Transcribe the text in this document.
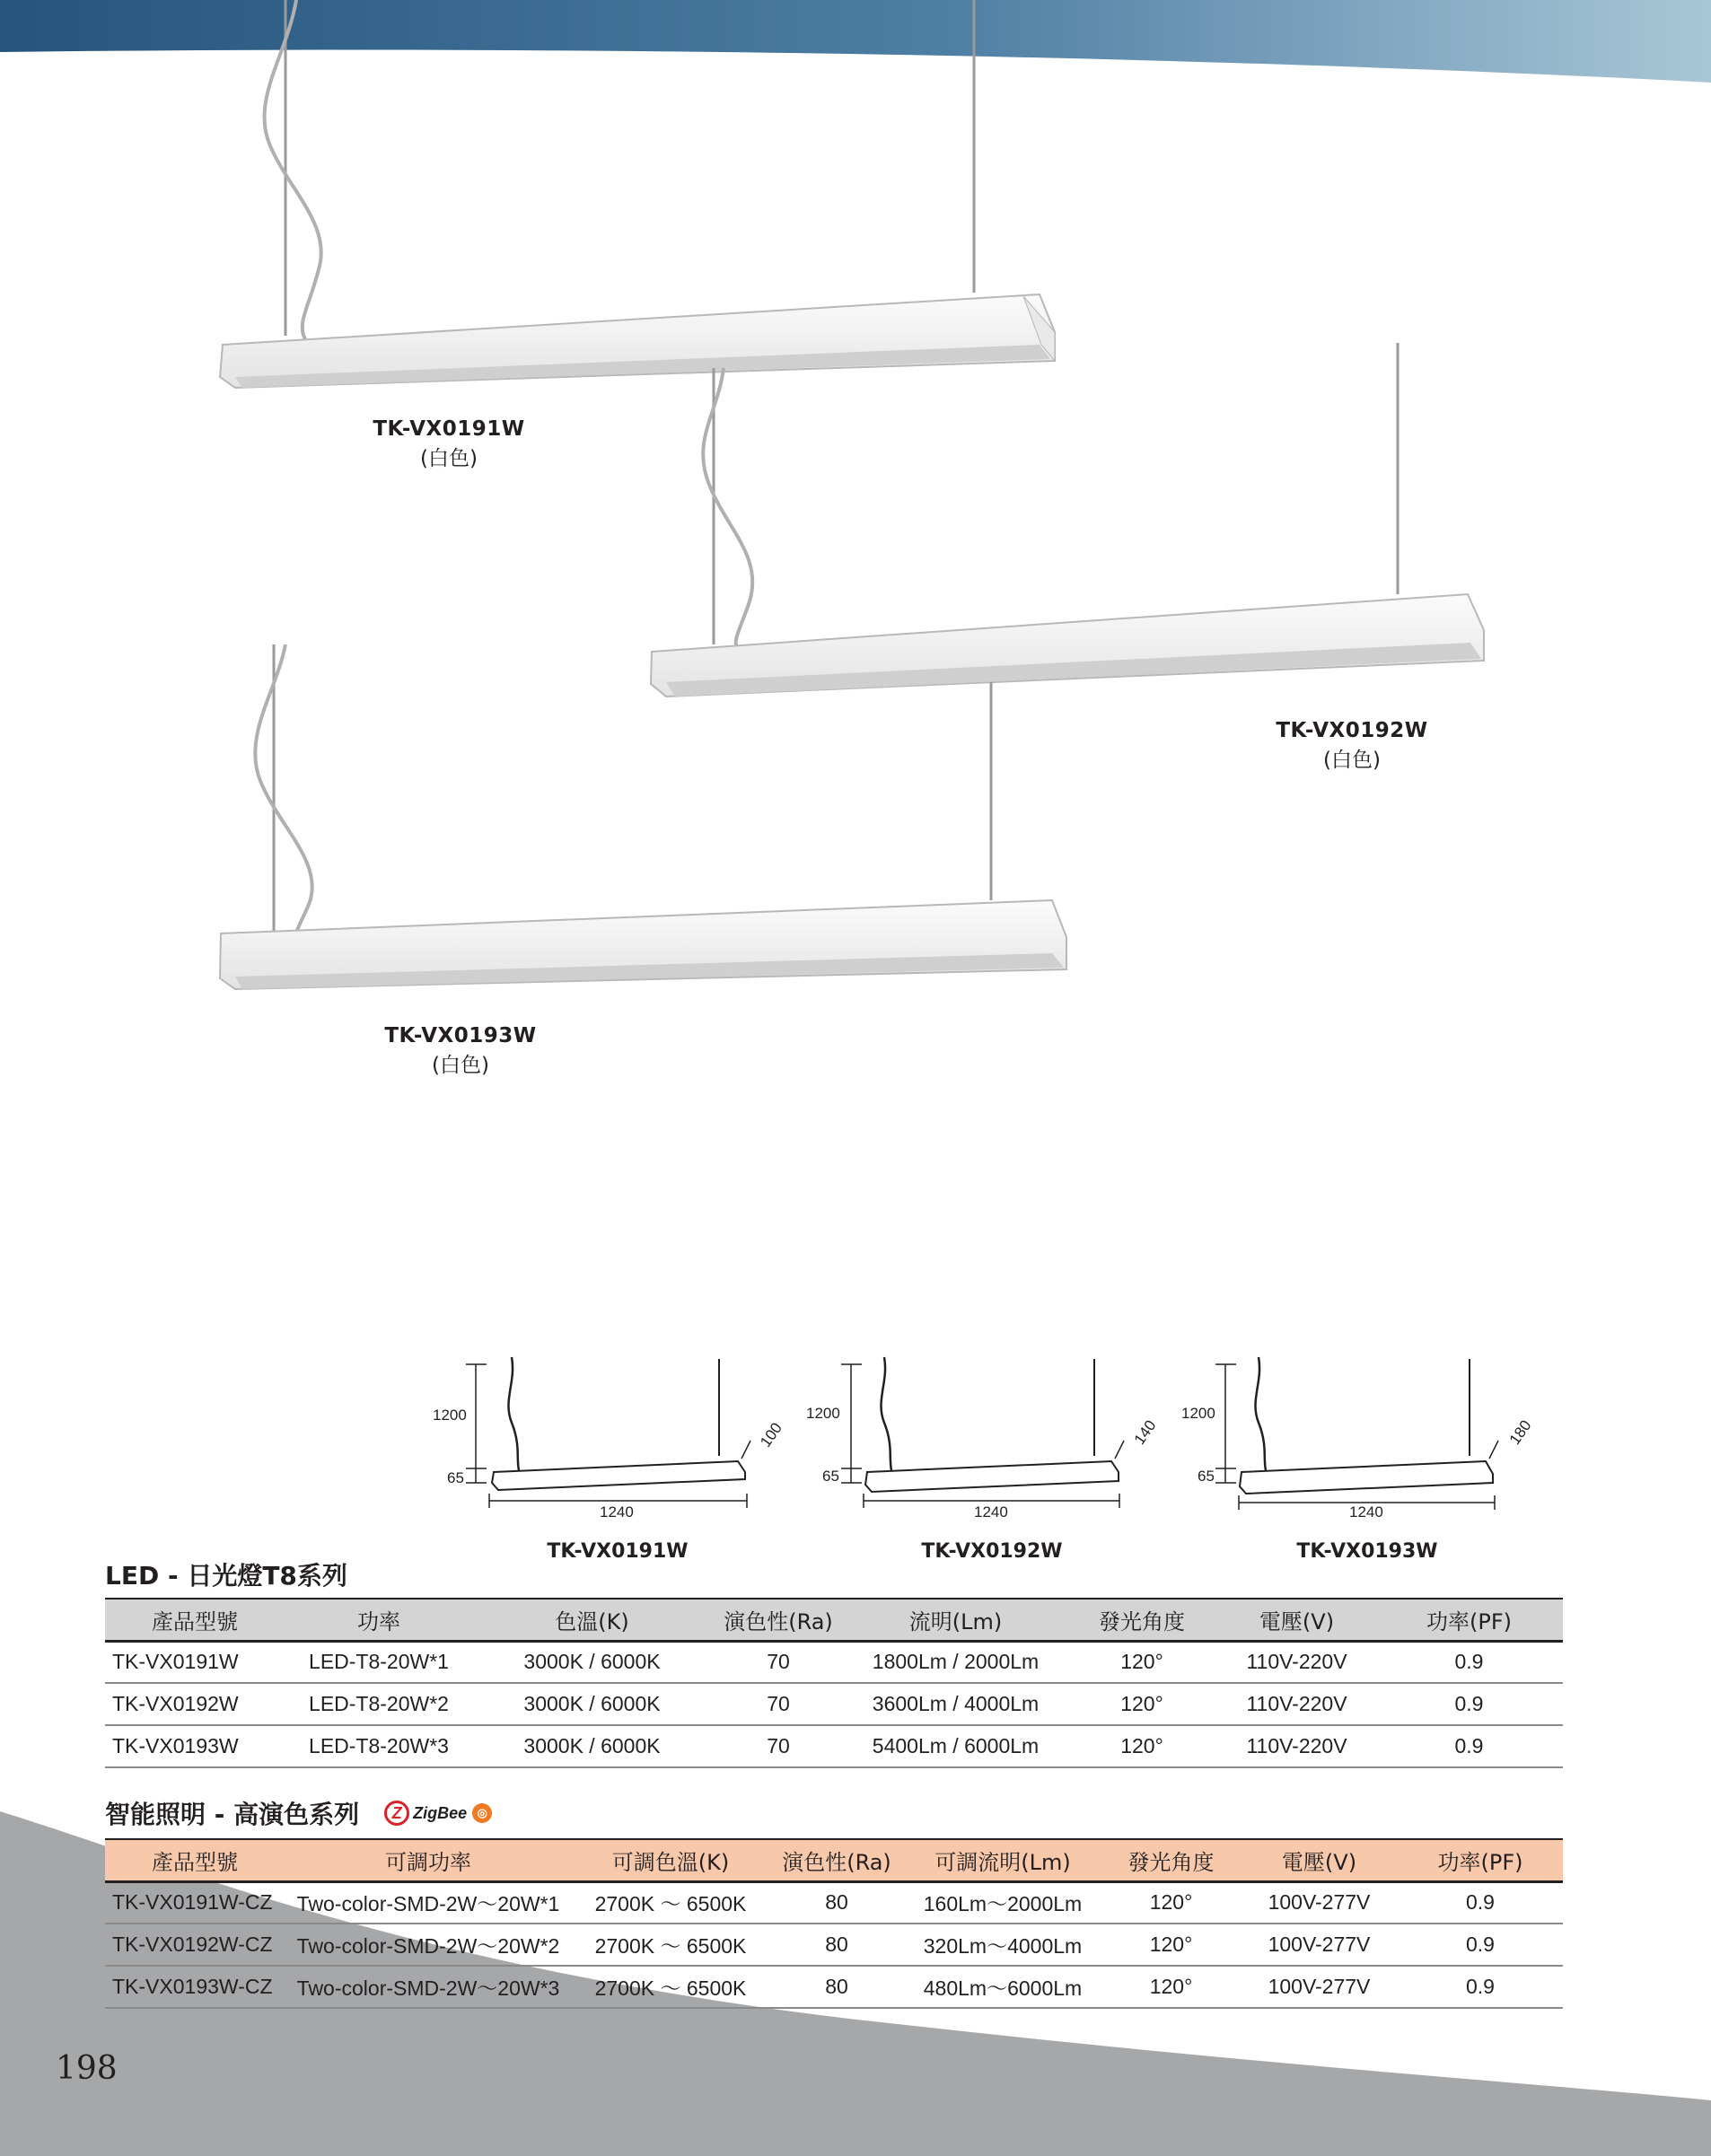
1200
65
1240
100
1200
65
1240
140
1200
65
1240
180
TK-VX0191W
(白色)
TK-VX0192W
(白色)
TK-VX0193W
(白色)
TK-VX0191W	TK-VX0192W	TK-VX0193W
LED - 日光燈T8系列
產品型號	功率	色溫(K)	演色性(Ra)	流明(Lm)	發光角度	電壓(V)	功率(PF)
TK-VX0191W	LED-T8-20W*1	3000K / 6000K	70	1800Lm / 2000Lm	120°	110V-220V	0.9
TK-VX0192W	LED-T8-20W*2	3000K / 6000K	70	3600Lm / 4000Lm	120°	110V-220V	0.9
TK-VX0193W	LED-T8-20W*3	3000K / 6000K	70	5400Lm / 6000Lm	120°	110V-220V	0.9
智能照明 - 高演色系列	Z ZigBee ◎
產品型號	可調功率	可調色溫(K)	演色性(Ra)	可調流明(Lm)	發光角度	電壓(V)	功率(PF)
TK-VX0191W-CZ	Two-color-SMD-2W～20W*1	2700K ～ 6500K	80	160Lm～2000Lm	120°	100V-277V	0.9
TK-VX0192W-CZ	Two-color-SMD-2W～20W*2	2700K ～ 6500K	80	320Lm～4000Lm	120°	100V-277V	0.9
TK-VX0193W-CZ	Two-color-SMD-2W～20W*3	2700K ～ 6500K	80	480Lm～6000Lm	120°	100V-277V	0.9
198
